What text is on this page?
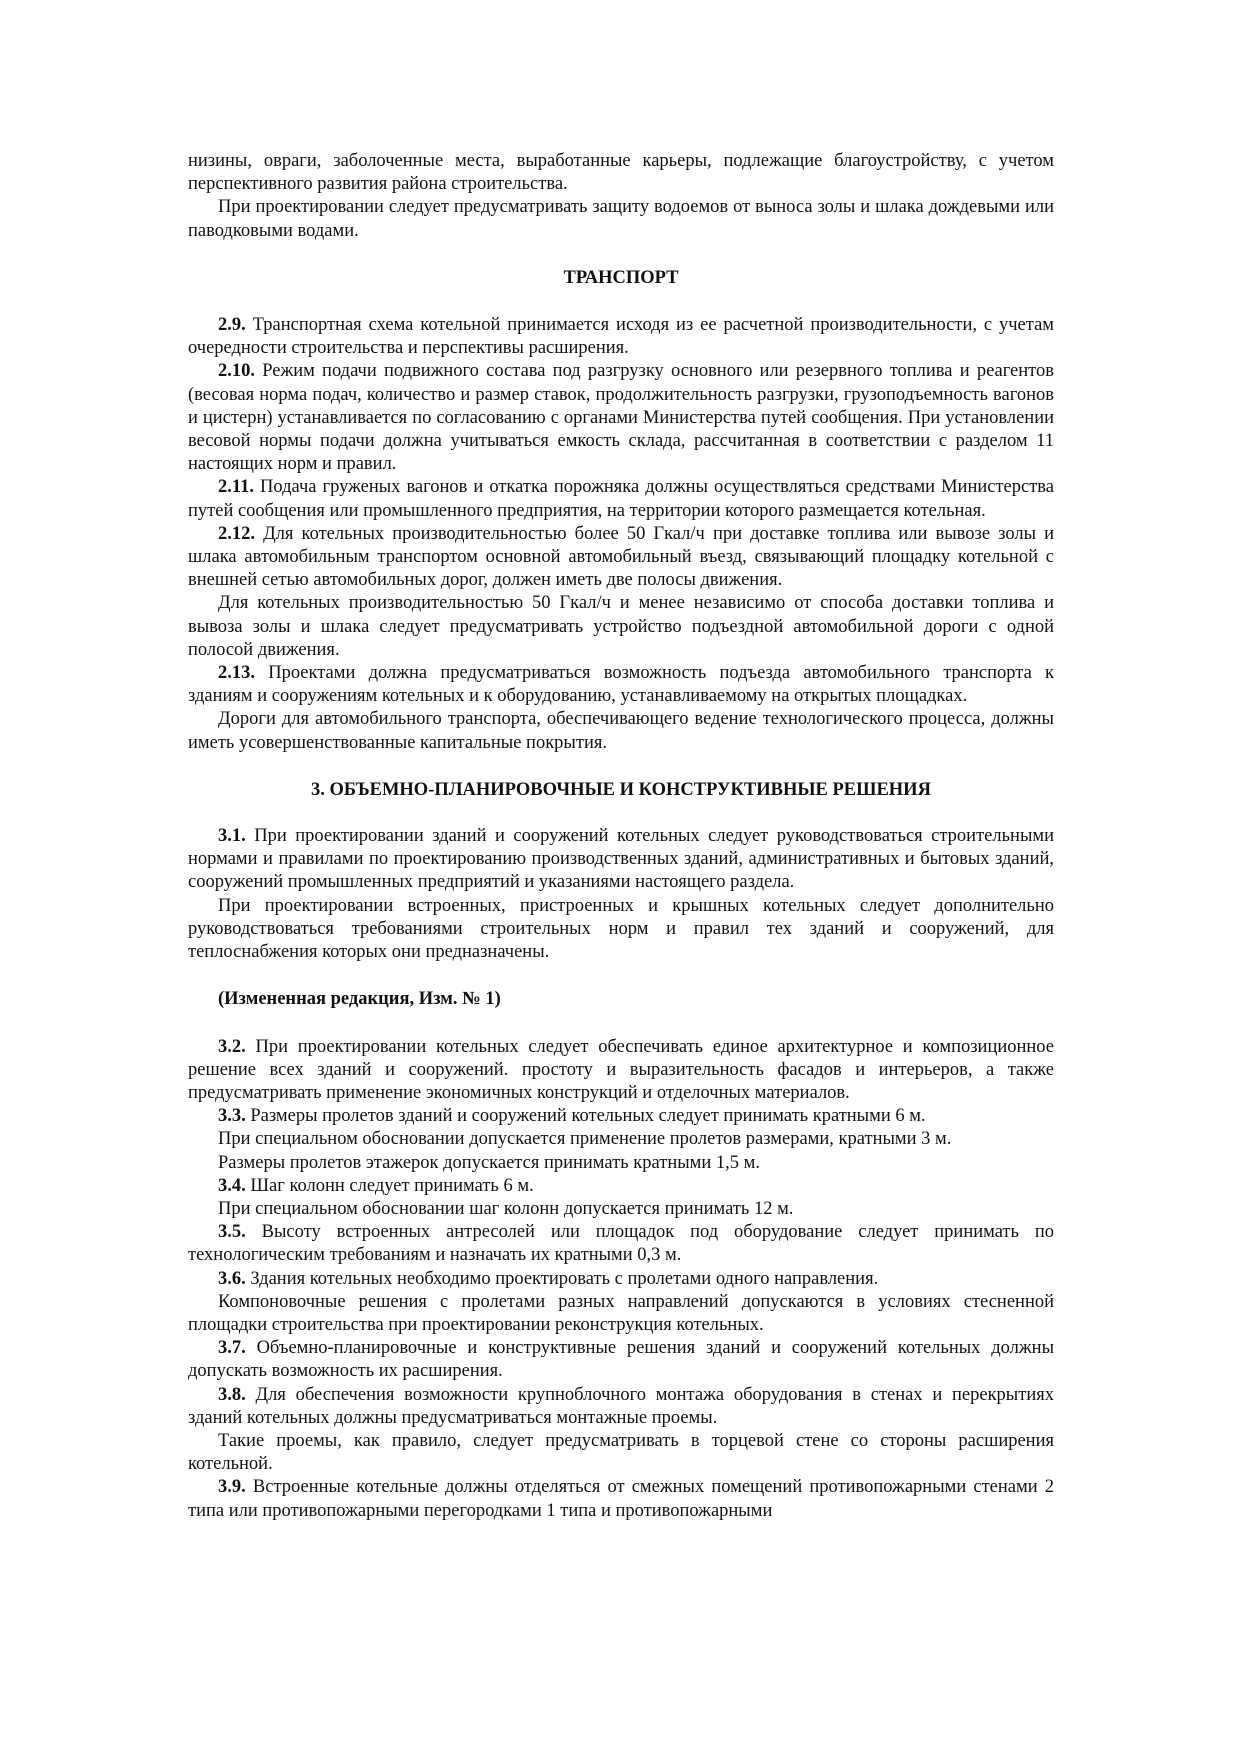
низины, овраги, заболоченные места, выработанные карьеры, подлежащие благоустройству, с учетом перспективного развития района строительства.

При проектировании следует предусматривать защиту водоемов от выноса золы и шлака дождевыми или паводковыми водами.

ТРАНСПОРТ

2.9. Транспортная схема котельной принимается исходя из ее расчетной производительности, с учетам очередности строительства и перспективы расширения.

2.10. Режим подачи подвижного состава под разгрузку основного или резервного топлива и реагентов (весовая норма подач, количество и размер ставок, продолжительность разгрузки, грузоподъемность вагонов и цистерн) устанавливается по согласованию с органами Министерства путей сообщения. При установлении весовой нормы подачи должна учитываться емкость склада, рассчитанная в соответствии с разделом 11 настоящих норм и правил.

2.11. Подача груженых вагонов и откатка порожняка должны осуществляться средствами Министерства путей сообщения или промышленного предприятия, на территории которого размещается котельная.

2.12. Для котельных производительностью более 50 Гкал/ч при доставке топлива или вывозе золы и шлака автомобильным транспортом основной автомобильный въезд, связывающий площадку котельной с внешней сетью автомобильных дорог, должен иметь две полосы движения.

Для котельных производительностью 50 Гкал/ч и менее независимо от способа доставки топлива и вывоза золы и шлака следует предусматривать устройство подъездной автомобильной дороги с одной полосой движения.

2.13. Проектами должна предусматриваться возможность подъезда автомобильного транспорта к зданиям и сооружениям котельных и к оборудованию, устанавливаемому на открытых площадках.

Дороги для автомобильного транспорта, обеспечивающего ведение технологического процесса, должны иметь усовершенствованные капитальные покрытия.

3. ОБЪЕМНО-ПЛАНИРОВОЧНЫЕ И КОНСТРУКТИВНЫЕ РЕШЕНИЯ

3.1. При проектировании зданий и сооружений котельных следует руководствоваться строительными нормами и правилами по проектированию производственных зданий, административных и бытовых зданий, сооружений промышленных предприятий и указаниями настоящего раздела.

При проектировании встроенных, пристроенных и крышных котельных следует дополнительно руководствоваться требованиями строительных норм и правил тех зданий и сооружений, для теплоснабжения которых они предназначены.

(Измененная редакция, Изм. № 1)

3.2. При проектировании котельных следует обеспечивать единое архитектурное и композиционное решение всех зданий и сооружений. простоту и выразительность фасадов и интерьеров, а также предусматривать применение экономичных конструкций и отделочных материалов.

3.3. Размеры пролетов зданий и сооружений котельных следует принимать кратными 6 м.

При специальном обосновании допускается применение пролетов размерами, кратными 3 м.

Размеры пролетов этажерок допускается принимать кратными 1,5 м.

3.4. Шаг колонн следует принимать 6 м.

При специальном обосновании шаг колонн допускается принимать 12 м.

3.5. Высоту встроенных антресолей или площадок под оборудование следует принимать по технологическим требованиям и назначать их кратными 0,3 м.

3.6. Здания котельных необходимо проектировать с пролетами одного направления.

Компоновочные решения с пролетами разных направлений допускаются в условиях стесненной площадки строительства при проектировании реконструкция котельных.

3.7. Объемно-планировочные и конструктивные решения зданий и сооружений котельных должны допускать возможность их расширения.

3.8. Для обеспечения возможности крупноблочного монтажа оборудования в стенах и перекрытиях зданий котельных должны предусматриваться монтажные проемы.

Такие проемы, как правило, следует предусматривать в торцевой стене со стороны расширения котельной.

3.9. Встроенные котельные должны отделяться от смежных помещений противопожарными стенами 2 типа или противопожарными перегородками 1 типа и противопожарными
